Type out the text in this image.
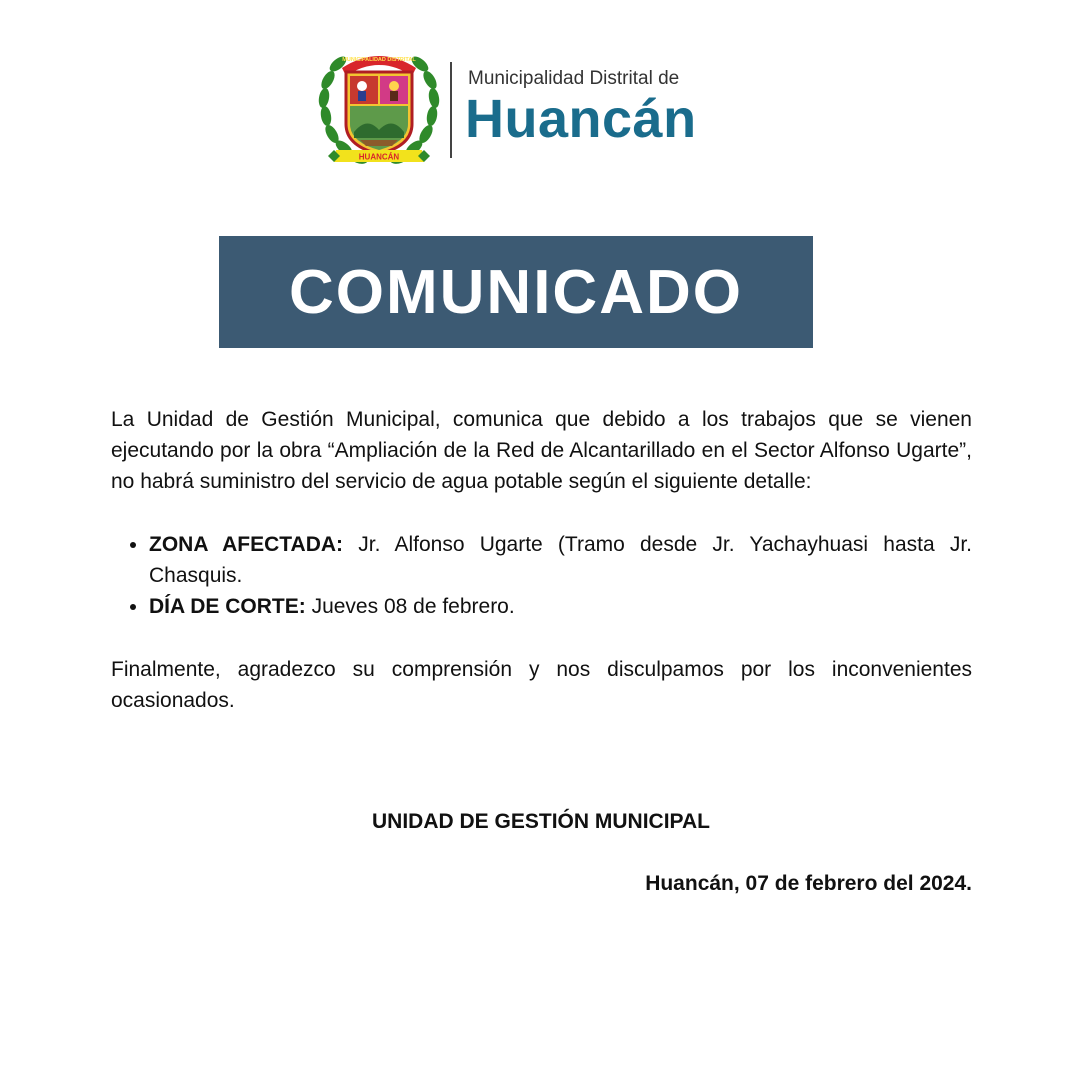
MUNICIPALIDAD DISTRITAL
HUANCÁN
Municipalidad Distrital de
Huancán
COMUNICADO

La Unidad de Gestión Municipal, comunica que debido a los trabajos que se vienen ejecutando por la obra “Ampliación de la Red de Alcantarillado en el Sector Alfonso Ugarte”, no habrá suministro del servicio de agua potable según el siguiente detalle:

• ZONA AFECTADA: Jr. Alfonso Ugarte (Tramo desde Jr. Yachayhuasi hasta Jr. Chasquis.
• DÍA DE CORTE: Jueves 08 de febrero.

Finalmente, agradezco su comprensión y nos disculpamos por los inconvenientes ocasionados.

UNIDAD DE GESTIÓN MUNICIPAL
Huancán, 07 de febrero del 2024.
